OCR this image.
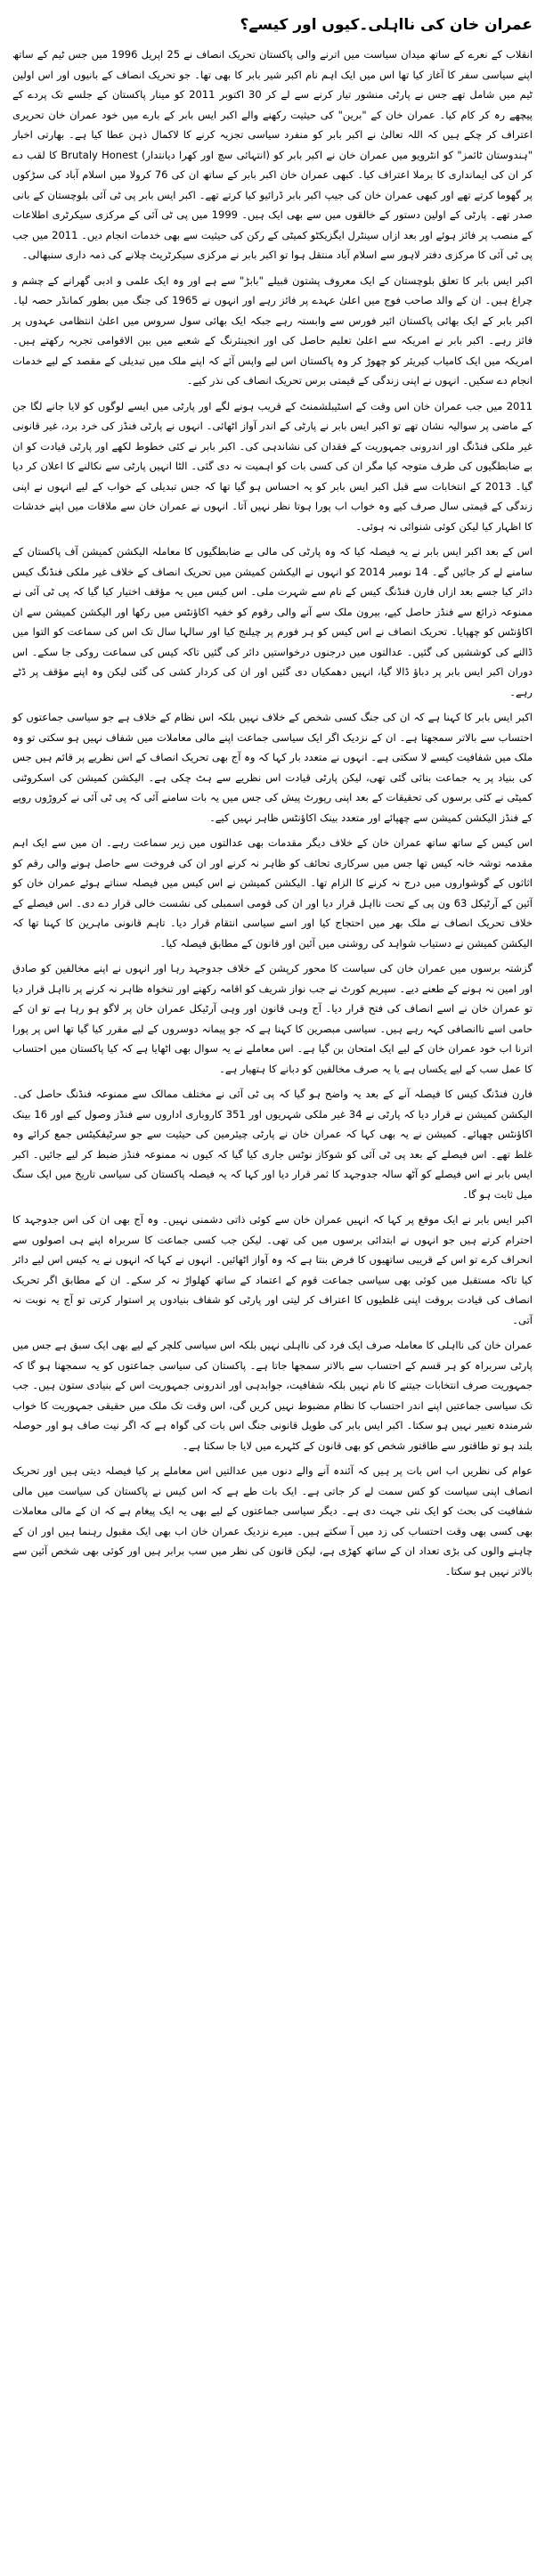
عمران خان کی نااہلی۔کیوں اور کیسے؟

انقلاب کے نعرے کے ساتھ میدان سیاست میں اترنے والی پاکستان تحریک انصاف نے 25 اپریل 1996 میں جس ٹیم کے ساتھ اپنے سیاسی سفر کا آغاز کیا تھا اس میں ایک اہم نام اکبر شیر بابر کا بھی تھا۔ جو تحریک انصاف کے بانیوں اور اس اولین ٹیم میں شامل تھے جس نے پارٹی منشور تیار کرنے سے لے کر 30 اکتوبر 2011 کو مینار پاکستان کے جلسے تک پردے کے پیچھے رہ کر کام کیا۔ عمران خان کے "برین" کی حیثیت رکھنے والے اکبر ایس بابر کے بارے میں خود عمران خان تحریری اعتراف کر چکے ہیں کہ اللہ تعالیٰ نے اکبر بابر کو منفرد سیاسی تجزیہ کرنے کا لاکمال ذہن عطا کیا ہے۔ بھارتی اخبار "ہندوستان ٹائمز" کو انٹرویو میں عمران خان نے اکبر بابر کو (انتہائی سچ اور کھرا دیانتدار) Brutaly Honest کا لقب دے کر ان کی ایمانداری کا برملا اعتراف کیا۔ کبھی عمران خان اکبر بابر کے ساتھ ان کی 76 کرولا میں اسلام آباد کی سڑکوں پر گھوما کرتے تھے اور کبھی عمران خان کی جیپ اکبر بابر ڈرائیو کیا کرتے تھے۔ اکبر ایس بابر پی ٹی آئی بلوچستان کے بانی صدر تھے۔ پارٹی کے اولین دستور کے خالقوں میں سے بھی ایک ہیں۔ 1999 میں پی ٹی آئی کے مرکزی سیکرٹری اطلاعات کے منصب پر فائز ہوئے اور بعد ازاں سینٹرل ایگزیکٹو کمیٹی کے رکن کی حیثیت سے بھی خدمات انجام دیں۔ 2011 میں جب پی ٹی آئی کا مرکزی دفتر لاہور سے اسلام آباد منتقل ہوا تو اکبر بابر نے مرکزی سیکرٹریٹ چلانے کی ذمہ داری سنبھالی۔

اکبر ایس بابر کا تعلق بلوچستان کے ایک معروف پشتون قبیلے "بابڑ" سے ہے اور وہ ایک علمی و ادبی گھرانے کے چشم و چراغ ہیں۔ ان کے والد صاحب فوج میں اعلیٰ عہدے پر فائز رہے اور انہوں نے 1965 کی جنگ میں بطور کمانڈر حصہ لیا۔ اکبر بابر کے ایک بھائی پاکستان ائیر فورس سے وابستہ رہے جبکہ ایک بھائی سول سروس میں اعلیٰ انتظامی عہدوں پر فائز رہے۔ اکبر بابر نے امریکہ سے اعلیٰ تعلیم حاصل کی اور انجینئرنگ کے شعبے میں بین الاقوامی تجربہ رکھتے ہیں۔ امریکہ میں ایک کامیاب کیریئر کو چھوڑ کر وہ پاکستان اس لیے واپس آئے کہ اپنے ملک میں تبدیلی کے مقصد کے لیے خدمات انجام دے سکیں۔ انہوں نے اپنی زندگی کے قیمتی برس تحریک انصاف کی نذر کیے۔

2011 میں جب عمران خان اس وقت کے اسٹیبلشمنٹ کے قریب ہونے لگے اور پارٹی میں ایسے لوگوں کو لایا جانے لگا جن کے ماضی پر سوالیہ نشان تھے تو اکبر ایس بابر نے پارٹی کے اندر آواز اٹھائی۔ انہوں نے پارٹی فنڈز کی خرد برد، غیر قانونی غیر ملکی فنڈنگ اور اندرونی جمہوریت کے فقدان کی نشاندہی کی۔ اکبر بابر نے کئی خطوط لکھے اور پارٹی قیادت کو ان بے ضابطگیوں کی طرف متوجہ کیا مگر ان کی کسی بات کو اہمیت نہ دی گئی۔ الٹا انہیں پارٹی سے نکالنے کا اعلان کر دیا گیا۔ 2013 کے انتخابات سے قبل اکبر ایس بابر کو یہ احساس ہو گیا تھا کہ جس تبدیلی کے خواب کے لیے انہوں نے اپنی زندگی کے قیمتی سال صرف کیے وہ خواب اب پورا ہوتا نظر نہیں آتا۔ انہوں نے عمران خان سے ملاقات میں اپنے خدشات کا اظہار کیا لیکن کوئی شنوائی نہ ہوئی۔

اس کے بعد اکبر ایس بابر نے یہ فیصلہ کیا کہ وہ پارٹی کی مالی بے ضابطگیوں کا معاملہ الیکشن کمیشن آف پاکستان کے سامنے لے کر جائیں گے۔ 14 نومبر 2014 کو انہوں نے الیکشن کمیشن میں تحریک انصاف کے خلاف غیر ملکی فنڈنگ کیس دائر کیا جسے بعد ازاں فارن فنڈنگ کیس کے نام سے شہرت ملی۔ اس کیس میں یہ مؤقف اختیار کیا گیا کہ پی ٹی آئی نے ممنوعہ ذرائع سے فنڈز حاصل کیے، بیرون ملک سے آنے والی رقوم کو خفیہ اکاؤنٹس میں رکھا اور الیکشن کمیشن سے ان اکاؤنٹس کو چھپایا۔ تحریک انصاف نے اس کیس کو ہر فورم پر چیلنج کیا اور سالہا سال تک اس کی سماعت کو التوا میں ڈالنے کی کوششیں کی گئیں۔ عدالتوں میں درجنوں درخواستیں دائر کی گئیں تاکہ کیس کی سماعت روکی جا سکے۔ اس دوران اکبر ایس بابر پر دباؤ ڈالا گیا، انہیں دھمکیاں دی گئیں اور ان کی کردار کشی کی گئی لیکن وہ اپنے مؤقف پر ڈٹے رہے۔

اکبر ایس بابر کا کہنا ہے کہ ان کی جنگ کسی شخص کے خلاف نہیں بلکہ اس نظام کے خلاف ہے جو سیاسی جماعتوں کو احتساب سے بالاتر سمجھتا ہے۔ ان کے نزدیک اگر ایک سیاسی جماعت اپنے مالی معاملات میں شفاف نہیں ہو سکتی تو وہ ملک میں شفافیت کیسے لا سکتی ہے۔ انہوں نے متعدد بار کہا کہ وہ آج بھی تحریک انصاف کے اس نظریے پر قائم ہیں جس کی بنیاد پر یہ جماعت بنائی گئی تھی، لیکن پارٹی قیادت اس نظریے سے ہٹ چکی ہے۔ الیکشن کمیشن کی اسکروٹنی کمیٹی نے کئی برسوں کی تحقیقات کے بعد اپنی رپورٹ پیش کی جس میں یہ بات سامنے آئی کہ پی ٹی آئی نے کروڑوں روپے کے فنڈز الیکشن کمیشن سے چھپائے اور متعدد بینک اکاؤنٹس ظاہر نہیں کیے۔

اس کیس کے ساتھ ساتھ عمران خان کے خلاف دیگر مقدمات بھی عدالتوں میں زیر سماعت رہے۔ ان میں سے ایک اہم مقدمہ توشہ خانہ کیس تھا جس میں سرکاری تحائف کو ظاہر نہ کرنے اور ان کی فروخت سے حاصل ہونے والی رقم کو اثاثوں کے گوشواروں میں درج نہ کرنے کا الزام تھا۔ الیکشن کمیشن نے اس کیس میں فیصلہ سناتے ہوئے عمران خان کو آئین کے آرٹیکل 63 ون پی کے تحت نااہل قرار دیا اور ان کی قومی اسمبلی کی نشست خالی قرار دے دی۔ اس فیصلے کے خلاف تحریک انصاف نے ملک بھر میں احتجاج کیا اور اسے سیاسی انتقام قرار دیا۔ تاہم قانونی ماہرین کا کہنا تھا کہ الیکشن کمیشن نے دستیاب شواہد کی روشنی میں آئین اور قانون کے مطابق فیصلہ کیا۔

گزشتہ برسوں میں عمران خان کی سیاست کا محور کرپشن کے خلاف جدوجہد رہا اور انہوں نے اپنے مخالفین کو صادق اور امین نہ ہونے کے طعنے دیے۔ سپریم کورٹ نے جب نواز شریف کو اقامہ رکھنے اور تنخواہ ظاہر نہ کرنے پر نااہل قرار دیا تو عمران خان نے اسے انصاف کی فتح قرار دیا۔ آج وہی قانون اور وہی آرٹیکل عمران خان پر لاگو ہو رہا ہے تو ان کے حامی اسے ناانصافی کہہ رہے ہیں۔ سیاسی مبصرین کا کہنا ہے کہ جو پیمانہ دوسروں کے لیے مقرر کیا گیا تھا اس پر پورا اترنا اب خود عمران خان کے لیے ایک امتحان بن گیا ہے۔ اس معاملے نے یہ سوال بھی اٹھایا ہے کہ کیا پاکستان میں احتساب کا عمل سب کے لیے یکساں ہے یا یہ صرف مخالفین کو دبانے کا ہتھیار ہے۔

فارن فنڈنگ کیس کا فیصلہ آنے کے بعد یہ واضح ہو گیا کہ پی ٹی آئی نے مختلف ممالک سے ممنوعہ فنڈنگ حاصل کی۔ الیکشن کمیشن نے قرار دیا کہ پارٹی نے 34 غیر ملکی شہریوں اور 351 کاروباری اداروں سے فنڈز وصول کیے اور 16 بینک اکاؤنٹس چھپائے۔ کمیشن نے یہ بھی کہا کہ عمران خان نے پارٹی چیئرمین کی حیثیت سے جو سرٹیفکیٹس جمع کرائے وہ غلط تھے۔ اس فیصلے کے بعد پی ٹی آئی کو شوکاز نوٹس جاری کیا گیا کہ کیوں نہ ممنوعہ فنڈز ضبط کر لیے جائیں۔ اکبر ایس بابر نے اس فیصلے کو آٹھ سالہ جدوجہد کا ثمر قرار دیا اور کہا کہ یہ فیصلہ پاکستان کی سیاسی تاریخ میں ایک سنگ میل ثابت ہو گا۔

اکبر ایس بابر نے ایک موقع پر کہا کہ انہیں عمران خان سے کوئی ذاتی دشمنی نہیں۔ وہ آج بھی ان کی اس جدوجہد کا احترام کرتے ہیں جو انہوں نے ابتدائی برسوں میں کی تھی۔ لیکن جب کسی جماعت کا سربراہ اپنے ہی اصولوں سے انحراف کرے تو اس کے قریبی ساتھیوں کا فرض بنتا ہے کہ وہ آواز اٹھائیں۔ انہوں نے کہا کہ انہوں نے یہ کیس اس لیے دائر کیا تاکہ مستقبل میں کوئی بھی سیاسی جماعت قوم کے اعتماد کے ساتھ کھلواڑ نہ کر سکے۔ ان کے مطابق اگر تحریک انصاف کی قیادت بروقت اپنی غلطیوں کا اعتراف کر لیتی اور پارٹی کو شفاف بنیادوں پر استوار کرتی تو آج یہ نوبت نہ آتی۔

عمران خان کی نااہلی کا معاملہ صرف ایک فرد کی نااہلی نہیں بلکہ اس سیاسی کلچر کے لیے بھی ایک سبق ہے جس میں پارٹی سربراہ کو ہر قسم کے احتساب سے بالاتر سمجھا جاتا ہے۔ پاکستان کی سیاسی جماعتوں کو یہ سمجھنا ہو گا کہ جمہوریت صرف انتخابات جیتنے کا نام نہیں بلکہ شفافیت، جوابدہی اور اندرونی جمہوریت اس کے بنیادی ستون ہیں۔ جب تک سیاسی جماعتیں اپنے اندر احتساب کا نظام مضبوط نہیں کریں گی، اس وقت تک ملک میں حقیقی جمہوریت کا خواب شرمندہ تعبیر نہیں ہو سکتا۔ اکبر ایس بابر کی طویل قانونی جنگ اس بات کی گواہ ہے کہ اگر نیت صاف ہو اور حوصلہ بلند ہو تو طاقتور سے طاقتور شخص کو بھی قانون کے کٹہرے میں لایا جا سکتا ہے۔

عوام کی نظریں اب اس بات پر ہیں کہ آئندہ آنے والے دنوں میں عدالتیں اس معاملے پر کیا فیصلہ دیتی ہیں اور تحریک انصاف اپنی سیاست کو کس سمت لے کر جاتی ہے۔ ایک بات طے ہے کہ اس کیس نے پاکستان کی سیاست میں مالی شفافیت کی بحث کو ایک نئی جہت دی ہے۔ دیگر سیاسی جماعتوں کے لیے بھی یہ ایک پیغام ہے کہ ان کے مالی معاملات بھی کسی بھی وقت احتساب کی زد میں آ سکتے ہیں۔ میرے نزدیک عمران خان اب بھی ایک مقبول رہنما ہیں اور ان کے چاہنے والوں کی بڑی تعداد ان کے ساتھ کھڑی ہے، لیکن قانون کی نظر میں سب برابر ہیں اور کوئی بھی شخص آئین سے بالاتر نہیں ہو سکتا۔
